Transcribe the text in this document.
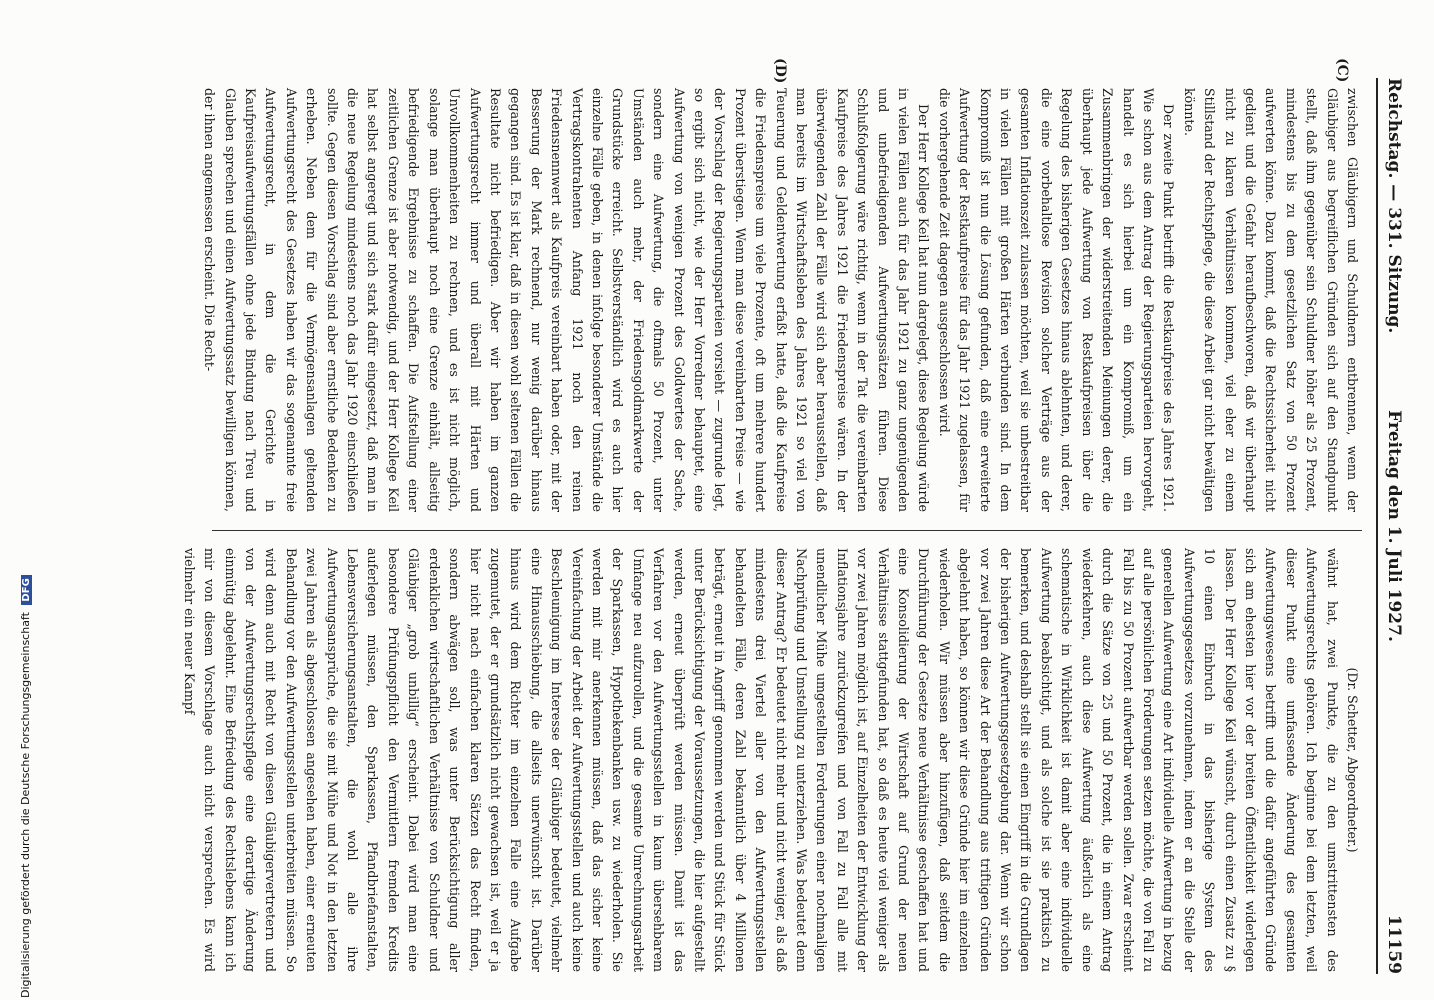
Digitalisierung gefördert durch die Deutsche Forschungsgemeinschaft DFG
Reichstag. — 331. Sitzung.
Freitag den 1. Juli 1927.
11159
(C)
(D)

zwischen Gläubigern und Schuldnern entbrennen, wenn der Gläubiger aus begreiflichen Gründen sich auf den Standpunkt stellt, daß ihm gegenüber sein Schuldner höher als 25 Prozent, mindestens bis zu dem gesetzlichen Satz von 50 Prozent aufwerten könne. Dazu kommt, daß die Rechtssicherheit nicht gedient und die Gefahr heraufbeschworen, daß wir überhaupt nicht zu klaren Verhältnissen kommen, viel eher zu einem Stillstand der Rechtspflege, die diese Arbeit gar nicht bewältigen könnte.

Der zweite Punkt betrifft die Restkaufpreise des Jahres 1921. Wie schon aus dem Antrag der Regierungsparteien hervorgeht, handelt es sich hierbei um ein Kompromiß, um ein Zusammenbringen der widerstreitenden Meinungen derer, die überhaupt jede Aufwertung von Restkaufpreisen über die Regelung des bisherigen Gesetzes hinaus ablehnten, und derer, die eine vorbehaltlose Revision solcher Verträge aus der gesamten Inflationszeit zulassen möchten, weil sie unbestreitbar in vielen Fällen mit großen Härten verbunden sind. In dem Kompromiß ist nun die Lösung gefunden, daß eine erweiterte Aufwertung der Restkaufpreise für das Jahr 1921 zugelassen, für die vorhergehende Zeit dagegen ausgeschlossen wird.

Der Herr Kollege Keil hat nun dargelegt, diese Regelung würde in vielen Fällen auch für das Jahr 1921 zu ganz ungenügenden und unbefriedigenden Aufwertungssätzen führen. Diese Schlußfolgerung wäre richtig, wenn in der Tat die vereinbarten Kaufpreise des Jahres 1921 die Friedenspreise wären. In der überwiegenden Zahl der Fälle wird sich aber herausstellen, daß man bereits im Wirtschaftsleben des Jahres 1921 so viel von Teuerung und Geldentwertung erfaßt hatte, daß die Kaufpreise die Friedenspreise um viele Prozente, oft um mehrere hundert Prozent überstiegen. Wenn man diese vereinbarten Preise — wie der Vorschlag der Regierungsparteien vorsieht — zugrunde legt, so ergibt sich nicht, wie der Herr Vorredner behauptet, eine Aufwertung von wenigen Prozent des Goldwertes der Sache, sondern eine Aufwertung, die oftmals 50 Prozent, unter Umständen auch mehr, der Friedensgoldmarkwerte der Grundstücke erreicht. Selbstverständlich wird es auch hier einzelne Fälle geben, in denen infolge besonderer Umstände die Vertragskontrahenten Anfang 1921 noch den reinen Friedensnennwert als Kaufpreis vereinbart haben oder, mit der Besserung der Mark rechnend, nur wenig darüber hinaus gegangen sind. Es ist klar, daß in diesen wohl seltenen Fällen die Resultate nicht befriedigen. Aber wir haben im ganzen Aufwertungsrecht immer und überall mit Härten und Unvollkommenheiten zu rechnen, und es ist nicht möglich, solange man überhaupt noch eine Grenze einhält, allseitig befriedigende Ergebnisse zu schaffen. Die Aufstellung einer zeitlichen Grenze ist aber notwendig, und der Herr Kollege Keil hat selbst angeregt und sich stark dafür eingesetzt, daß man in die neue Regelung mindestens noch das Jahr 1920 einschließen sollte. Gegen diesen Vorschlag sind aber ernstliche Bedenken zu erheben. Neben dem für die Vermögensanlagen geltenden Aufwertungsrecht des Gesetzes haben wir das sogenannte freie Aufwertungsrecht, in dem die Gerichte in Kaufpreisaufwertungsfällen ohne jede Bindung nach Treu und Glauben sprechen und einen Aufwertungssatz bewilligen können, der ihnen angemessen erscheint. Die Recht-

(Dr. Schetter, Abgeordneter.)

wähnt hat, zwei Punkte, die zu den umstrittensten des Aufwertungsrechts gehören. Ich beginne bei dem letzten, weil dieser Punkt eine umfassende Änderung des gesamten Aufwertungswesens betrifft und die dafür angeführten Gründe sich am ehesten hier vor der breiten Öffentlichkeit widerlegen lassen. Der Herr Kollege Keil wünscht, durch einen Zusatz zu § 10 einen Einbruch in das bisherige System des Aufwertungsgesetzes vorzunehmen, indem er an die Stelle der generellen Aufwertung eine Art individuelle Aufwertung in bezug auf alle persönlichen Forderungen setzen möchte, die von Fall zu Fall bis zu 50 Prozent aufwertbar werden sollen. Zwar erscheint durch die Sätze von 25 und 50 Prozent, die in einem Antrag wiederkehren, auch diese Aufwertung äußerlich als eine schematische in Wirklichkeit ist damit aber eine individuelle Aufwertung beabsichtigt, und als solche ist sie praktisch zu bemerken, und deshalb stellt sie einen Eingriff in die Grundlagen der bisherigen Aufwertungsgesetzgebung dar. Wenn wir schon vor zwei Jahren diese Art der Behandlung aus triftigen Gründen abgelehnt haben, so können wir diese Gründe hier im einzelnen wiederholen. Wir müssen aber hinzufügen, daß seitdem die Durchführung der Gesetze neue Verhältnisse geschaffen hat und eine Konsolidierung der Wirtschaft auf Grund der neuen Verhältnisse stattgefunden hat, so daß es heute viel weniger als vor zwei Jahren möglich ist, auf Einzelheiten der Entwicklung der Inflationsjahre zurückzugreifen und von Fall zu Fall alle mit unendlicher Mühe umgestellten Forderungen einer nochmaligen Nachprüfung und Umstellung zu unterziehen. Was bedeutet denn dieser Antrag? Er bedeutet nicht mehr und nicht weniger, als daß mindestens drei Viertel aller von den Aufwertungsstellen behandelten Fälle, deren Zahl bekanntlich über 4 Millionen beträgt, erneut in Angriff genommen werden und Stück für Stück unter Berücksichtigung der Voraussetzungen, die hier aufgestellt werden, erneut überprüft werden müssen. Damit ist das Verfahren vor den Aufwertungsstellen in kaum übersehbarem Umfange neu aufzurollen, und die gesamte Umrechnungsarbeit der Sparkassen, Hypothekenbanken usw. zu wiederholen. Sie werden mit mir anerkennen müssen, daß das sicher keine Vereinfachung der Arbeit der Aufwertungsstellen und auch keine Beschleunigung im Interesse der Gläubiger bedeutet, vielmehr eine Hinausschiebung, die allseits unerwünscht ist. Darüber hinaus wird dem Richter im einzelnen Falle eine Aufgabe zugemutet, der er grundsätzlich nicht gewachsen ist, weil er ja hier nicht nach einfachen klaren Sätzen das Recht finden, sondern abwägen soll, was unter Berücksichtigung aller erdenklichen wirtschaftlichen Verhältnisse von Schuldner und Gläubiger „grob unbillig“ erscheint. Dabei wird man eine besondere Prüfungspflicht den Vermittlern fremden Kredits auferlegen müssen, den Sparkassen, Pfandbriefanstalten, Lebensversicherungsanstalten, die wohl alle ihre Aufwertungsansprüche, die sie mit Mühe und Not in den letzten zwei Jahren als abgeschlossen angesehen haben, einer erneuten Behandlung vor den Aufwertungsstellen unterbreiten müssen. So wird denn auch mit Recht von diesen Gläubigervertretern und von der Aufwertungsrechtspflege eine derartige Änderung einmütig abgelehnt. Eine Befriedung des Rechtslebens kann ich mir von diesem Vorschlage auch nicht versprechen. Es wird vielmehr ein neuer Kampf
